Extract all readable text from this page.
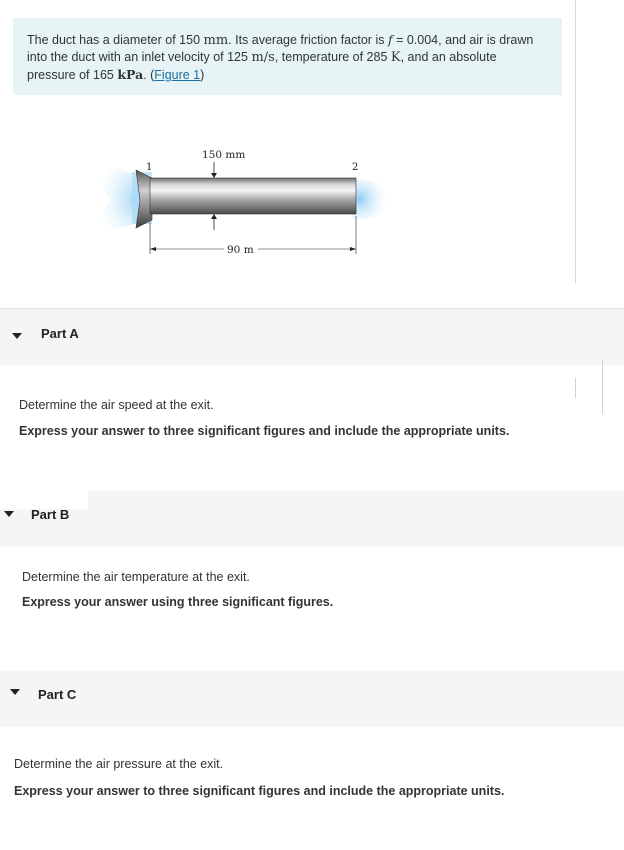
The duct has a diameter of 150 mm. Its average friction factor is f = 0.004, and air is drawn into the duct with an inlet velocity of 125 m/s, temperature of 285 K, and an absolute pressure of 165 kPa. (Figure 1)
150 mm
1	2
90 m
Part A
Determine the air speed at the exit.
Express your answer to three significant figures and include the appropriate units.
Part B
Determine the air temperature at the exit.
Express your answer using three significant figures.
Part C
Determine the air pressure at the exit.
Express your answer to three significant figures and include the appropriate units.
